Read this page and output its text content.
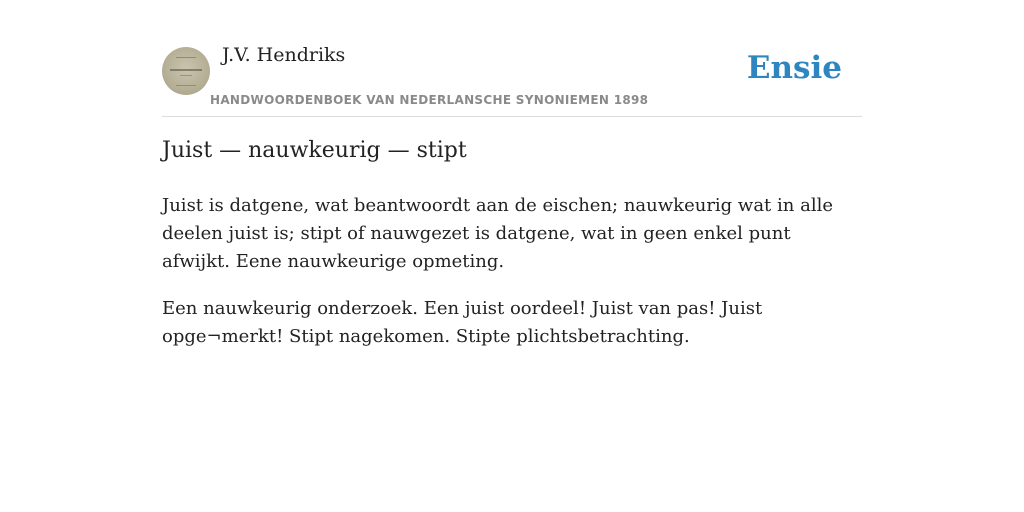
J.V. Hendriks
HANDWOORDENBOEK VAN NEDERLANSCHE SYNONIEMEN 1898
Ensie
Juist — nauwkeurig — stipt

Juist is datgene, wat beantwoordt aan de eischen; nauwkeurig wat in alle deelen juist is; stipt of nauwgezet is datgene, wat in geen enkel punt afwijkt. Eene nauwkeurige opmeting.

Een nauwkeurig onderzoek. Een juist oordeel! Juist van pas! Juist opge¬merkt! Stipt nagekomen. Stipte plichtsbetrachting.
